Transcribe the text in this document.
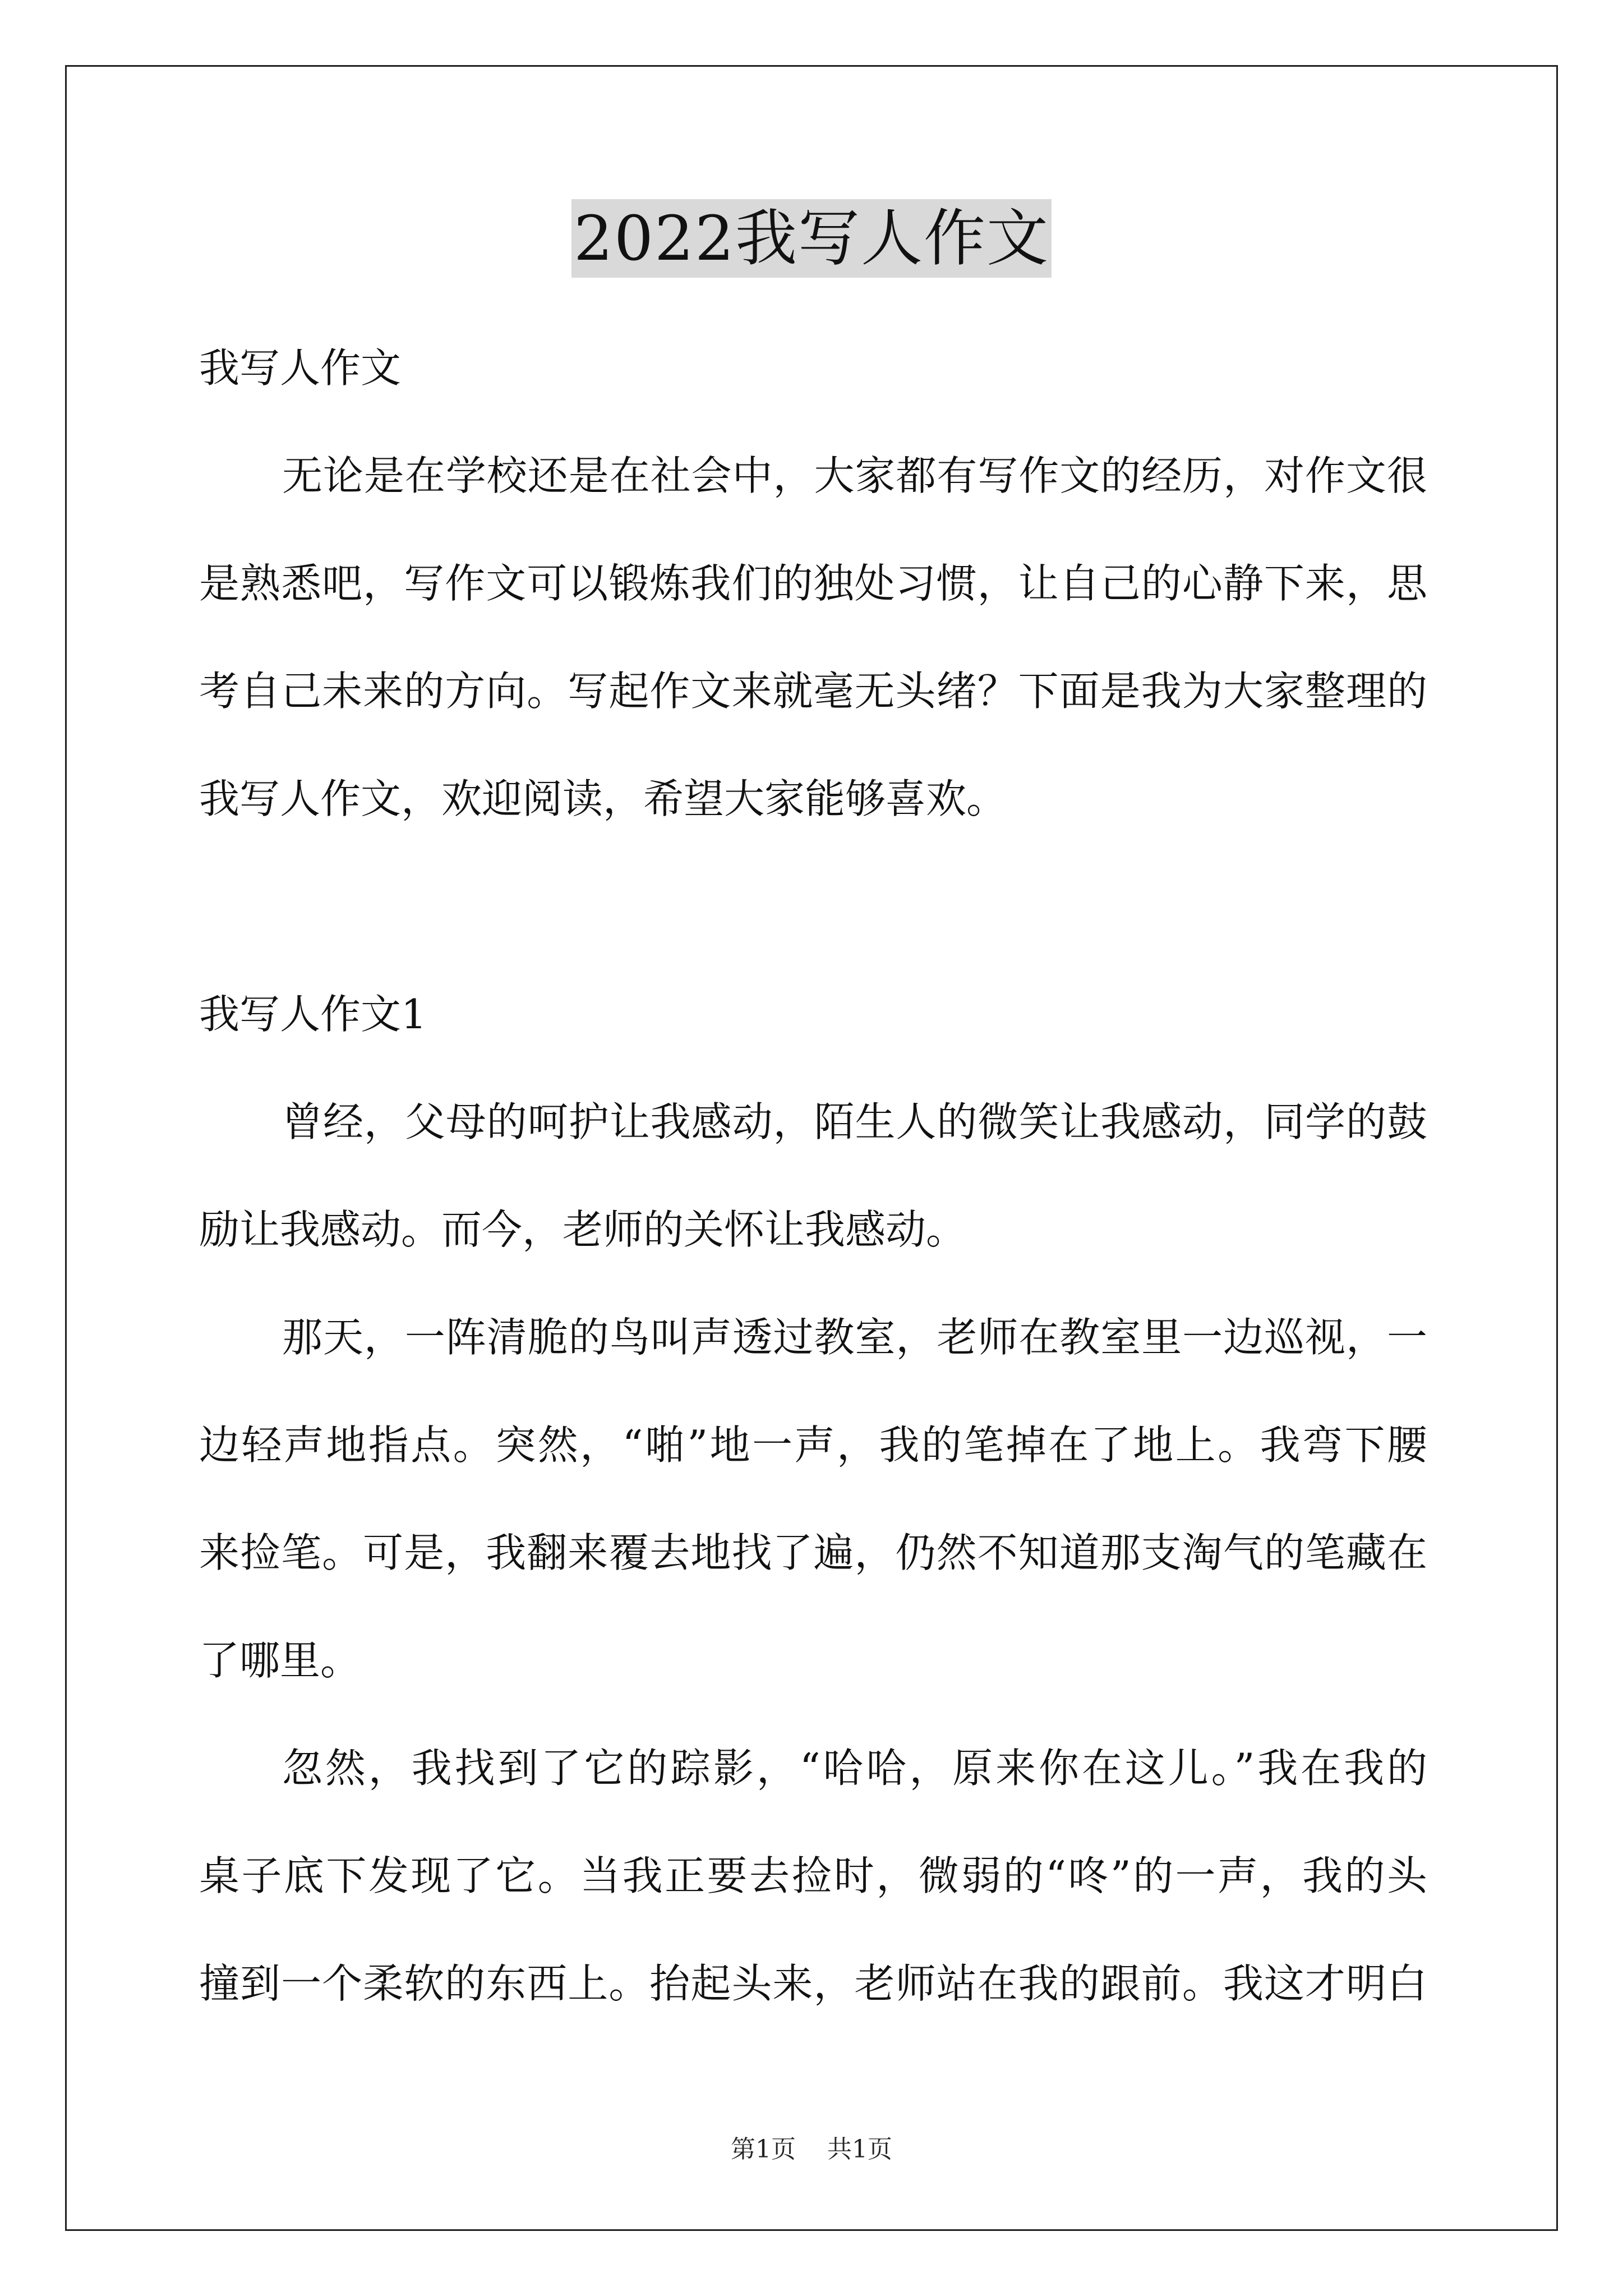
2022我写人作文
我写人作文
无论是在学校还是在社会中，大家都有写作文的经历，对作文很
是熟悉吧，写作文可以锻炼我们的独处习惯，让自己的心静下来，思
考自己未来的方向。写起作文来就毫无头绪？下面是我为大家整理的
我写人作文，欢迎阅读，希望大家能够喜欢。
我写人作文1
曾经，父母的呵护让我感动，陌生人的微笑让我感动，同学的鼓
励让我感动。而今，老师的关怀让我感动。
那天，一阵清脆的鸟叫声透过教室，老师在教室里一边巡视，一
边轻声地指点。突然，“啪”地一声，我的笔掉在了地上。我弯下腰
来捡笔。可是，我翻来覆去地找了遍，仍然不知道那支淘气的笔藏在
了哪里。
忽然，我找到了它的踪影，“哈哈，原来你在这儿。”我在我的
桌子底下发现了它。当我正要去捡时，微弱的“咚”的一声，我的头
撞到一个柔软的东西上。抬起头来，老师站在我的跟前。我这才明白
第1页 共1页
